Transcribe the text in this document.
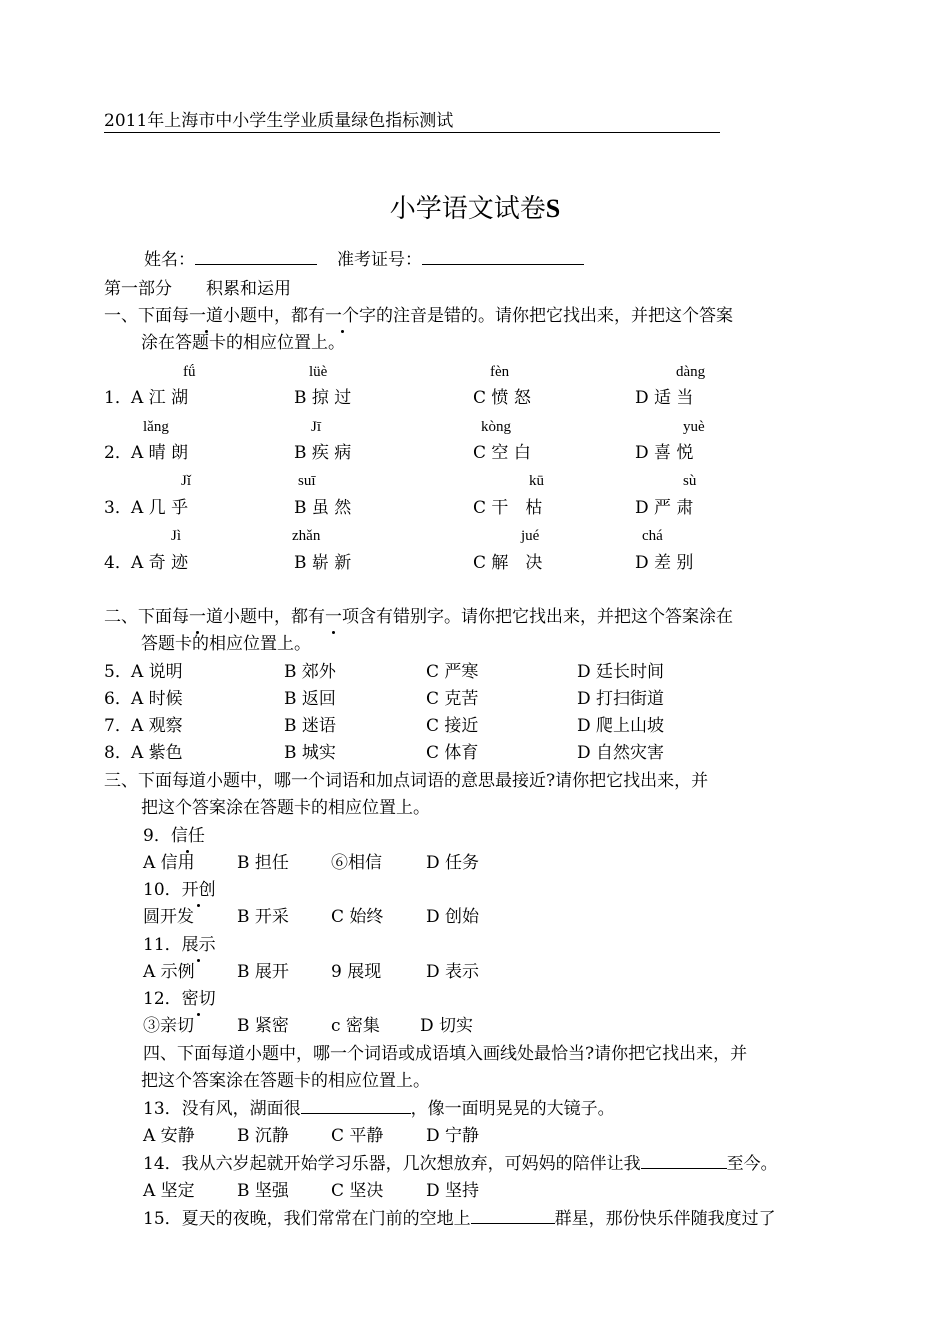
2011年上海市中小学生学业质量绿色指标测试
小学语文试卷S
姓名：	准考证号：
第一部分　　积累和运用
一、下面每一道小题中，都有一个字的注音是错的。请你把它找出来，并把这个答案
涂在答题卡的相应位置上。
fǘ	lüè	fèn	dàng
1． A 江 湖	B 掠 过	C 愤 怒	D 适 当
lǎng	Jī	kòng	yuè
2． A 晴 朗	B 疾 病	C 空 白	D 喜 悦
Jǐ	suī	kū	sù
3． A 几 乎	B 虽 然	C 干　枯	D 严 肃
Jì	zhǎn	jué	chá
4． A 奇 迹	B 崭 新	C 解　决	D 差 别
二、下面每一道小题中，都有一项含有错别字。请你把它找出来，并把这个答案涂在
答题卡的相应位置上。
5． A 说明	B 郊外	C 严寒	D 廷长时间
6． A 时候	B 返回	C 克苦	D 打扫街道
7． A 观察	B 迷语	C 接近	D 爬上山坡
8． A 紫色	B 城实	C 体育	D 自然灾害
三、下面每道小题中，哪一个词语和加点词语的意思最接近?请你把它找出来，并
把这个答案涂在答题卡的相应位置上。
9．信任
A 信用 B 担任 ⑥相信	D 任务
10．开创
圆开发	B 开采 C 始终	D 创始
11．展示
A 示例 B 展开 9 展现	D 表示
12．密切
③亲切	B 紧密 c 密集 D 切实
四、下面每道小题中，哪一个词语或成语填入画线处最恰当?请你把它找出来，并
把这个答案涂在答题卡的相应位置上。
13．没有风，湖面很	，像一面明晃晃的大镜子。
A 安静 B 沉静 C 平静	D 宁静
14．我从六岁起就开始学习乐器，几次想放弃，可妈妈的陪伴让我	至今。
A 坚定 B 坚强 C 坚决	D 坚持
15．夏天的夜晚，我们常常在门前的空地上	群星，那份快乐伴随我度过了
